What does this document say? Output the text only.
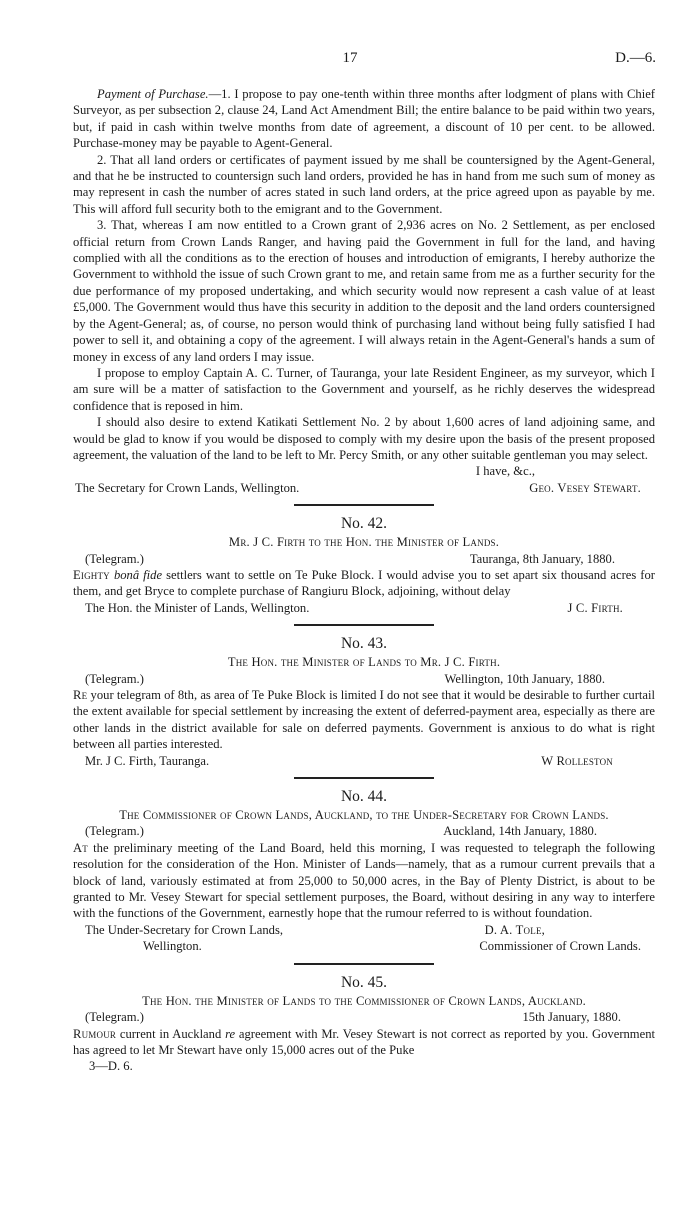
17	D.—6.

Payment of Purchase.—1. I propose to pay one-tenth within three months after lodgment of plans with Chief Surveyor, as per subsection 2, clause 24, Land Act Amendment Bill; the entire balance to be paid within two years, but, if paid in cash within twelve months from date of agreement, a discount of 10 per cent. to be allowed. Purchase-money may be payable to Agent-General.

2. That all land orders or certificates of payment issued by me shall be countersigned by the Agent-General, and that he be instructed to countersign such land orders, provided he has in hand from me such sum of money as may represent in cash the number of acres stated in such land orders, at the price agreed upon as payable by me. This will afford full security both to the emigrant and to the Government.

3. That, whereas I am now entitled to a Crown grant of 2,936 acres on No. 2 Settlement, as per enclosed official return from Crown Lands Ranger, and having paid the Government in full for the land, and having complied with all the conditions as to the erection of houses and introduction of emigrants, I hereby authorize the Government to withhold the issue of such Crown grant to me, and retain same from me as a further security for the due performance of my proposed undertaking, and which security would now represent a cash value of at least £5,000. The Government would thus have this security in addition to the deposit and the land orders countersigned by the Agent-General; as, of course, no person would think of purchasing land without being fully satisfied I had power to sell it, and obtaining a copy of the agreement. I will always retain in the Agent-General's hands a sum of money in excess of any land orders I may issue.

I propose to employ Captain A. C. Turner, of Tauranga, your late Resident Engineer, as my surveyor, which I am sure will be a matter of satisfaction to the Government and yourself, as he richly deserves the widespread confidence that is reposed in him.

I should also desire to extend Katikati Settlement No. 2 by about 1,600 acres of land adjoining same, and would be glad to know if you would be disposed to comply with my desire upon the basis of the present proposed agreement, the valuation of the land to be left to Mr. Percy Smith, or any other suitable gentleman you may select.

I have, &c.,
The Secretary for Crown Lands, Wellington.	Geo. Vesey Stewart.
No. 42.
Mr. J C. Firth to the Hon. the Minister of Lands.
(Telegram.)	Tauranga, 8th January, 1880.

Eighty bonâ fide settlers want to settle on Te Puke Block. I would advise you to set apart six thousand acres for them, and get Bryce to complete purchase of Rangiuru Block, adjoining, without delay

The Hon. the Minister of Lands, Wellington.	J C. Firth.
No. 43.
The Hon. the Minister of Lands to Mr. J C. Firth.
(Telegram.)	Wellington, 10th January, 1880.

Re your telegram of 8th, as area of Te Puke Block is limited I do not see that it would be desirable to further curtail the extent available for special settlement by increasing the extent of deferred-payment area, especially as there are other lands in the district available for sale on deferred payments. Government is anxious to do what is right between all parties interested.

Mr. J C. Firth, Tauranga.	W Rolleston
No. 44.
The Commissioner of Crown Lands, Auckland, to the Under-Secretary for Crown Lands.
(Telegram.)	Auckland, 14th January, 1880.

At the preliminary meeting of the Land Board, held this morning, I was requested to telegraph the following resolution for the consideration of the Hon. Minister of Lands—namely, that as a rumour current prevails that a block of land, variously estimated at from 25,000 to 50,000 acres, in the Bay of Plenty District, is about to be granted to Mr. Vesey Stewart for special settlement purposes, the Board, without desiring in any way to interfere with the functions of the Government, earnestly hope that the rumour referred to is without foundation.

The Under-Secretary for Crown Lands,	D. A. Tole,
Wellington.	Commissioner of Crown Lands.
No. 45.
The Hon. the Minister of Lands to the Commissioner of Crown Lands, Auckland.
(Telegram.)	15th January, 1880.

Rumour current in Auckland re agreement with Mr. Vesey Stewart is not correct as reported by you. Government has agreed to let Mr Stewart have only 15,000 acres out of the Puke

3—D. 6.
